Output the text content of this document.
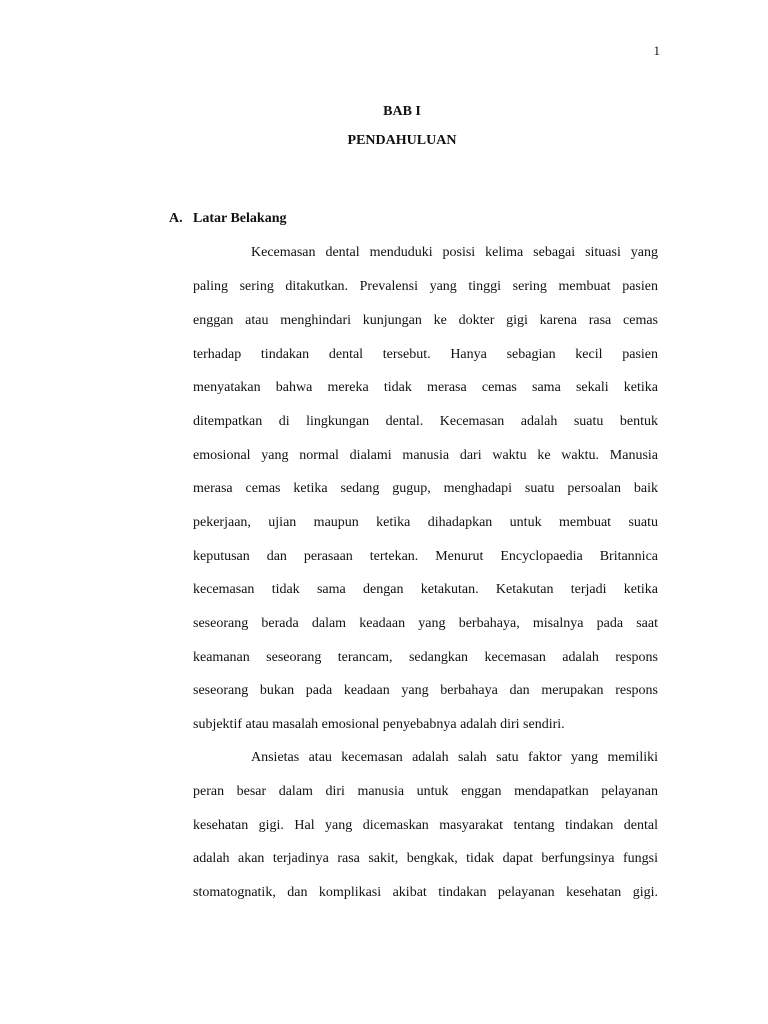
1
BAB I
PENDAHULUAN
A. Latar Belakang
Kecemasan dental menduduki posisi kelima sebagai situasi yang
paling sering ditakutkan. Prevalensi yang tinggi sering membuat pasien
enggan atau menghindari kunjungan ke dokter gigi karena rasa cemas
terhadap tindakan dental tersebut. Hanya sebagian kecil pasien
menyatakan bahwa mereka tidak merasa cemas sama sekali ketika
ditempatkan di lingkungan dental. Kecemasan adalah suatu bentuk
emosional yang normal dialami manusia dari waktu ke waktu. Manusia
merasa cemas ketika sedang gugup, menghadapi suatu persoalan baik
pekerjaan, ujian maupun ketika dihadapkan untuk membuat suatu
keputusan dan perasaan tertekan. Menurut Encyclopaedia Britannica
kecemasan tidak sama dengan ketakutan. Ketakutan terjadi ketika
seseorang berada dalam keadaan yang berbahaya, misalnya pada saat
keamanan seseorang terancam, sedangkan kecemasan adalah respons
seseorang bukan pada keadaan yang berbahaya dan merupakan respons
subjektif atau masalah emosional penyebabnya adalah diri sendiri.
Ansietas atau kecemasan adalah salah satu faktor yang memiliki
peran besar dalam diri manusia untuk enggan mendapatkan pelayanan
kesehatan gigi. Hal yang dicemaskan masyarakat tentang tindakan dental
adalah akan terjadinya rasa sakit, bengkak, tidak dapat berfungsinya fungsi
stomatognatik, dan komplikasi akibat tindakan pelayanan kesehatan gigi.
